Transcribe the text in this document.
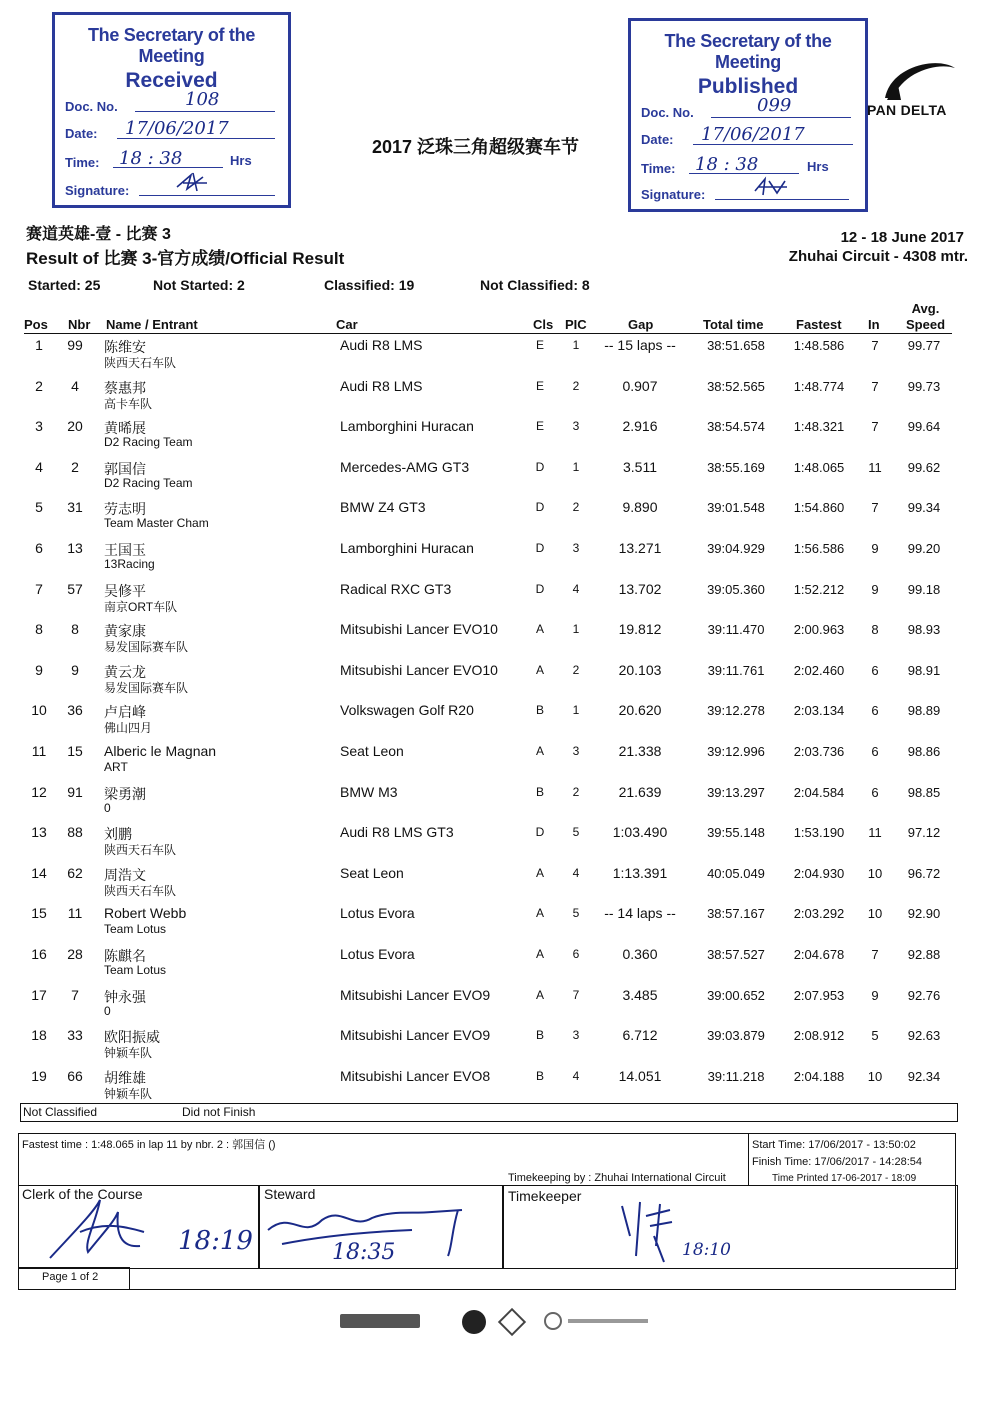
The Secretary of the Meeting
Received
Doc. No.	108
Date: 17/06/2017
Time: 18 : 38	Hrs
Signature:
The Secretary of the Meeting
Published
Doc. No.	099
Date: 17/06/2017
Time: 18 : 38	Hrs
Signature:
2017 泛珠三角超级赛车节
PAN DELTA
赛道英雄-壹 - 比赛 3
Result of 比赛 3-官方成绩/Official Result
12 - 18 June 2017
Zhuhai Circuit - 4308 mtr.
Started: 25	Not Started: 2	Classified: 19	Not Classified: 8
Pos Nbr Name / Entrant	Car	Cls PIC	Gap	Total time	Fastest In
Avg.
Speed
1	99	陈维安
陕西天石车队
Audi R8 LMS	E	1	-- 15 laps --	38:51.658	1:48.586	7	99.77
2	4	蔡惠邦
高卡车队
Audi R8 LMS	E	2	0.907	38:52.565	1:48.774	7	99.73
3	20	黄晞展
D2 Racing Team
Lamborghini Huracan	E	3	2.916	38:54.574	1:48.321	7	99.64
4	2	郭国信
D2 Racing Team
Mercedes-AMG GT3	D	1	3.511	38:55.169	1:48.065	11	99.62
5	31	劳志明
Team Master Cham
BMW Z4 GT3	D	2	9.890	39:01.548	1:54.860	7	99.34
6	13	王国玉
13Racing
Lamborghini Huracan	D	3	13.271	39:04.929	1:56.586	9	99.20
7	57	吴修平
南京ORT车队
Radical RXC GT3	D	4	13.702	39:05.360	1:52.212	9	99.18
8	8	黄家康
易发国际赛车队
Mitsubishi Lancer EVO10	A	1	19.812	39:11.470	2:00.963	8	98.93
9	9	黄云龙
易发国际赛车队
Mitsubishi Lancer EVO10	A	2	20.103	39:11.761	2:02.460	6	98.91
10	36	卢启峰
佛山四月
Volkswagen Golf R20	B	1	20.620	39:12.278	2:03.134	6	98.89
11	15	Alberic le Magnan
ART
Seat Leon	A	3	21.338	39:12.996	2:03.736	6	98.86
12	91	梁勇潮
0
BMW M3	B	2	21.639	39:13.297	2:04.584	6	98.85
13	88	刘鹏
陕西天石车队
Audi R8 LMS GT3	D	5	1:03.490	39:55.148	1:53.190	11	97.12
14	62	周浩文
陕西天石车队
Seat Leon	A	4	1:13.391	40:05.049	2:04.930	10	96.72
15	11	Robert Webb
Team Lotus
Lotus Evora	A	5	-- 14 laps --	38:57.167	2:03.292	10	92.90
16	28	陈麒名
Team Lotus
Lotus Evora	A	6	0.360	38:57.527	2:04.678	7	92.88
17	7	钟永强
0
Mitsubishi Lancer EVO9	A	7	3.485	39:00.652	2:07.953	9	92.76
18	33	欧阳振威
钟颖车队
Mitsubishi Lancer EVO9	B	3	6.712	39:03.879	2:08.912	5	92.63
19	66	胡维雄
钟颖车队
Mitsubishi Lancer EVO8	B	4	14.051	39:11.218	2:04.188	10	92.34
Not Classified	Did not Finish
Fastest time : 1:48.065 in lap 11 by nbr. 2 : 郭国信 ()	Start Time: 17/06/2017 - 13:50:02
Finish Time: 17/06/2017 - 14:28:54
Time Printed 17-06-2017 - 18:09
Timekeeping by : Zhuhai International Circuit
Clerk of the Course	Steward	Timekeeper
18:19	18:35	18:10
Page 1 of 2
